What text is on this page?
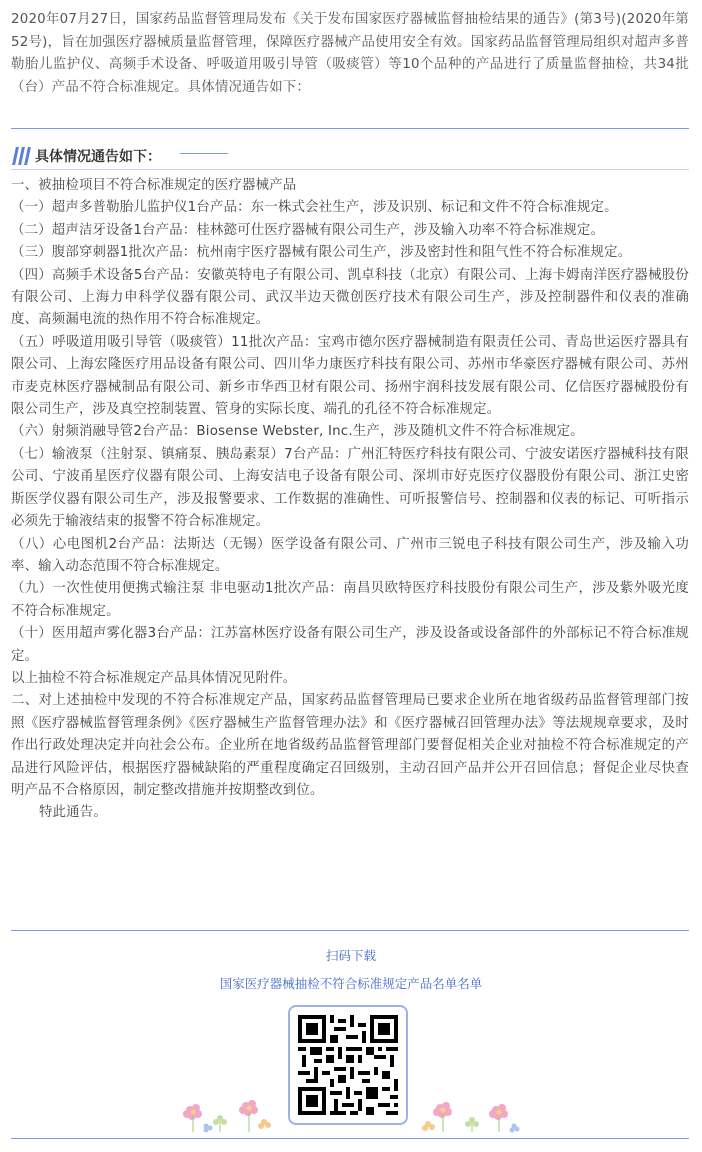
2020年07月27日，国家药品监督管理局发布《关于发布国家医疗器械监督抽检结果的通告》(第3号)(2020年第52号)，旨在加强医疗器械质量监督管理，保障医疗器械产品使用安全有效。国家药品监督管理局组织对超声多普勒胎儿监护仪、高频手术设备、呼吸道用吸引导管（吸痰管）等10个品种的产品进行了质量监督抽检，共34批（台）产品不符合标准规定。具体情况通告如下：
具体情况通告如下：

一、被抽检项目不符合标准规定的医疗器械产品

（一）超声多普勒胎儿监护仪1台产品：东一株式会社生产，涉及识别、标记和文件不符合标准规定。

（二）超声洁牙设备1台产品：桂林懿可仕医疗器械有限公司生产，涉及输入功率不符合标准规定。

（三）腹部穿刺器1批次产品：杭州南宇医疗器械有限公司生产，涉及密封性和阻气性不符合标准规定。

（四）高频手术设备5台产品：安徽英特电子有限公司、凯卓科技（北京）有限公司、上海卡姆南洋医疗器械股份有限公司、上海力申科学仪器有限公司、武汉半边天微创医疗技术有限公司生产，涉及控制器件和仪表的准确度、高频漏电流的热作用不符合标准规定。

（五）呼吸道用吸引导管（吸痰管）11批次产品：宝鸡市德尔医疗器械制造有限责任公司、青岛世运医疗器具有限公司、上海宏隆医疗用品设备有限公司、四川华力康医疗科技有限公司、苏州市华豪医疗器械有限公司、苏州市麦克林医疗器械制品有限公司、新乡市华西卫材有限公司、扬州宇润科技发展有限公司、亿信医疗器械股份有限公司生产，涉及真空控制装置、管身的实际长度、端孔的孔径不符合标准规定。

（六）射频消融导管2台产品：Biosense Webster, Inc.生产，涉及随机文件不符合标准规定。

（七）输液泵（注射泵、镇痛泵、胰岛素泵）7台产品：广州汇特医疗科技有限公司、宁波安诺医疗器械科技有限公司、宁波甬星医疗仪器有限公司、上海安洁电子设备有限公司、深圳市好克医疗仪器股份有限公司、浙江史密斯医学仪器有限公司生产，涉及报警要求、工作数据的准确性、可听报警信号、控制器和仪表的标记、可听指示必须先于输液结束的报警不符合标准规定。

（八）心电图机2台产品：法斯达（无锡）医学设备有限公司、广州市三锐电子科技有限公司生产，涉及输入功率、输入动态范围不符合标准规定。

（九）一次性使用便携式输注泵 非电驱动1批次产品：南昌贝欧特医疗科技股份有限公司生产，涉及紫外吸光度不符合标准规定。

（十）医用超声雾化器3台产品：江苏富林医疗设备有限公司生产，涉及设备或设备部件的外部标记不符合标准规定。

以上抽检不符合标准规定产品具体情况见附件。

二、对上述抽检中发现的不符合标准规定产品，国家药品监督管理局已要求企业所在地省级药品监督管理部门按照《医疗器械监督管理条例》《医疗器械生产监督管理办法》和《医疗器械召回管理办法》等法规规章要求，及时作出行政处理决定并向社会公布。企业所在地省级药品监督管理部门要督促相关企业对抽检不符合标准规定的产品进行风险评估，根据医疗器械缺陷的严重程度确定召回级别，主动召回产品并公开召回信息；督促企业尽快查明产品不合格原因，制定整改措施并按期整改到位。

特此通告。

扫码下载
国家医疗器械抽检不符合标准规定产品名单名单
